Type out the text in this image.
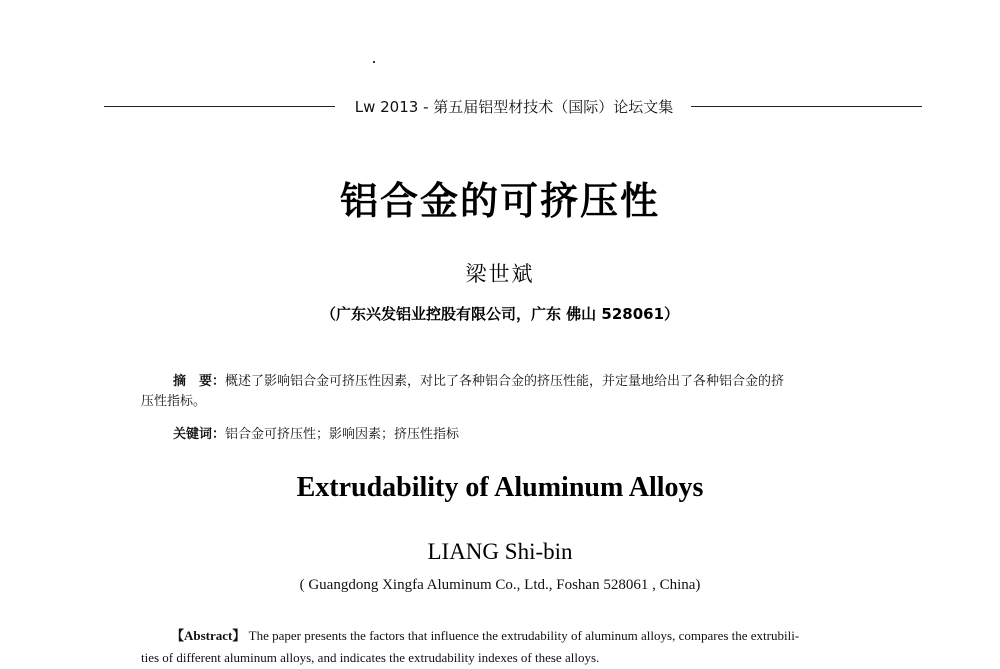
Lw 2013 - 第五届铝型材技术（国际）论坛文集
铝合金的可挤压性
梁世斌
（广东兴发铝业控股有限公司，广东 佛山 528061）
摘　要：概述了影响铝合金可挤压性因素，对比了各种铝合金的挤压性能，并定量地给出了各种铝合金的挤
压性指标。
关键词：铝合金可挤压性；影响因素；挤压性指标
Extrudability of Aluminum Alloys
LIANG Shi-bin
( Guangdong Xingfa Aluminum Co., Ltd., Foshan 528061 , China)
【Abstract】 The paper presents the factors that influence the extrudability of aluminum alloys, compares the extrubili-
ties of different aluminum alloys, and indicates the extrudability indexes of these alloys.
